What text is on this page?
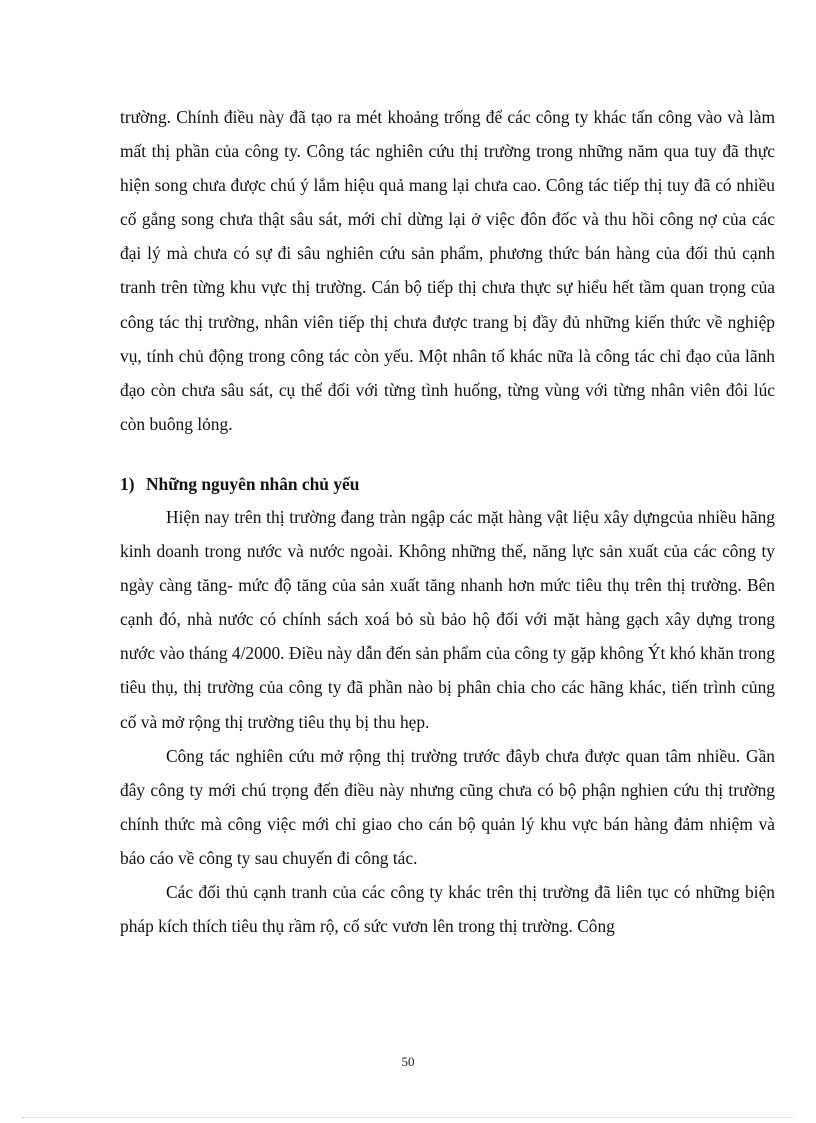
trường. Chính điều này đã tạo ra mét khoảng trống để các công ty khác tấn công vào và làm mất thị phần của công ty. Công tác nghiên cứu thị trường trong những năm qua tuy đã thực hiện song chưa được chú ý lắm hiệu quả mang lại chưa cao. Công tác tiếp thị tuy đã có nhiều cố gắng song chưa thật sâu sát, mới chỉ dừng lại ở việc đôn đốc và thu hồi công nợ của các đại lý mà chưa có sự đi sâu nghiên cứu sản phẩm, phương thức bán hàng của đối thủ cạnh tranh trên từng khu vực thị trường. Cán bộ tiếp thị chưa thực sự hiểu hết tầm quan trọng của công tác thị trường, nhân viên tiếp thị chưa được trang bị đầy đủ những kiến thức về nghiệp vụ, tính chủ động trong công tác còn yếu. Một nhân tố khác nữa là công tác chỉ đạo của lãnh đạo còn chưa sâu sát, cụ thể đối với từng tình huống, từng vùng với từng nhân viên đôi lúc còn buông lỏng.

1) Những nguyên nhân chủ yếu

Hiện nay trên thị trường đang tràn ngập các mặt hàng vật liệu xây dựngcủa nhiều hãng kinh doanh trong nước và nước ngoài. Không những thế, năng lực sản xuất của các công ty ngày càng tăng- mức độ tăng của sản xuất tăng nhanh hơn mức tiêu thụ trên thị trường. Bên cạnh đó, nhà nước có chính sách xoá bỏ sù bảo hộ đối với mặt hàng gạch xây dựng trong nước vào tháng 4/2000. Điều này dẫn đến sản phẩm của công ty gặp không Ýt khó khăn trong tiêu thụ, thị trường của công ty đã phần nào bị phân chia cho các hãng khác, tiến trình củng cố và mở rộng thị trường tiêu thụ bị thu hẹp.

Công tác nghiên cứu mở rộng thị trường trước đâyb chưa được quan tâm nhiều. Gần đây công ty mới chú trọng đến điều này nhưng cũng chưa có bộ phận nghien cứu thị trường chính thức mà công việc mới chỉ giao cho cán bộ quản lý khu vực bán hàng đảm nhiệm và báo cáo về công ty sau chuyến đi công tác.

Các đối thủ cạnh tranh của các công ty khác trên thị trường đã liên tục có những biện pháp kích thích tiêu thụ rầm rộ, cố sức vươn lên trong thị trường. Công

50
